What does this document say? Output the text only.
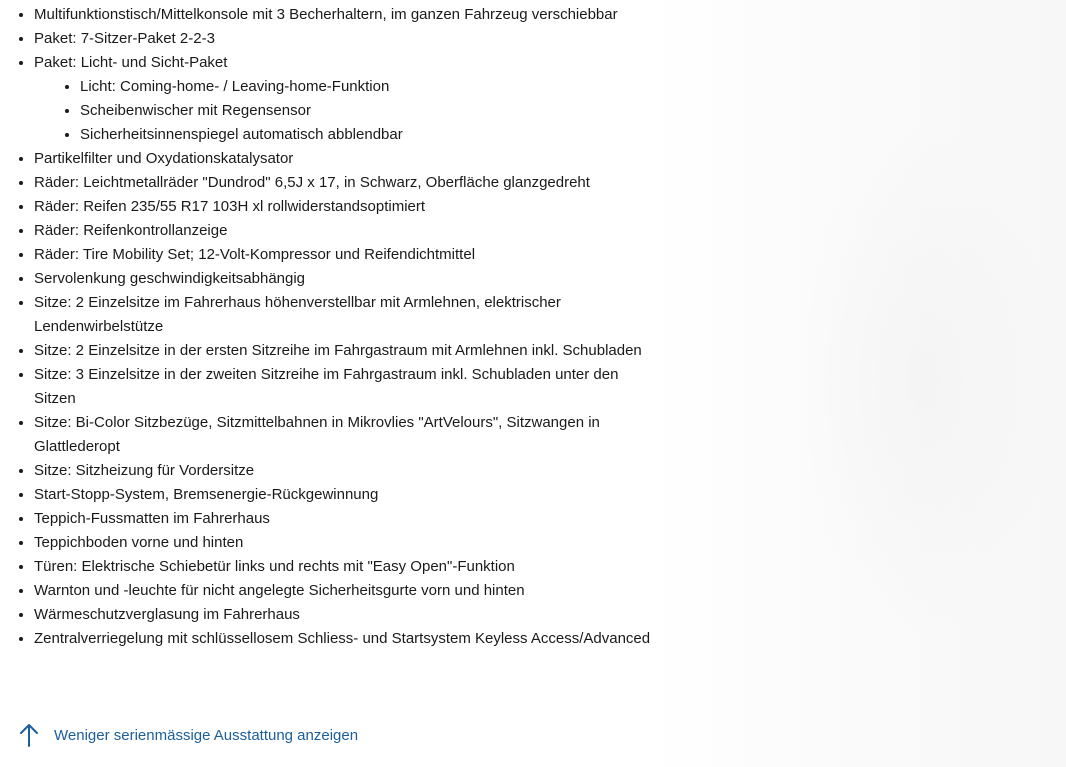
• Multifunktionstisch/Mittelkonsole mit 3 Becherhaltern, im ganzen Fahrzeug verschiebbar
• Paket: 7-Sitzer-Paket 2-2-3
• Paket: Licht- und Sicht-Paket
• Licht: Coming-home- / Leaving-home-Funktion
• Scheibenwischer mit Regensensor
• Sicherheitsinnenspiegel automatisch abblendbar
• Partikelfilter und Oxydationskatalysator
• Räder: Leichtmetallräder "Dundrod" 6,5J x 17, in Schwarz, Oberfläche glanzgedreht
• Räder: Reifen 235/55 R17 103H xl rollwiderstandsoptimiert
• Räder: Reifenkontrollanzeige
• Räder: Tire Mobility Set; 12-Volt-Kompressor und Reifendichtmittel
• Servolenkung geschwindigkeitsabhängig
• Sitze: 2 Einzelsitze im Fahrerhaus höhenverstellbar mit Armlehnen, elektrischer Lendenwirbelstütze
• Sitze: 2 Einzelsitze in der ersten Sitzreihe im Fahrgastraum mit Armlehnen inkl. Schubladen
• Sitze: 3 Einzelsitze in der zweiten Sitzreihe im Fahrgastraum inkl. Schubladen unter den Sitzen
• Sitze: Bi-Color Sitzbezüge, Sitzmittelbahnen in Mikrovlies "ArtVelours", Sitzwangen in Glattlederopt
• Sitze: Sitzheizung für Vordersitze
• Start-Stopp-System, Bremsenergie-Rückgewinnung
• Teppich-Fussmatten im Fahrerhaus
• Teppichboden vorne und hinten
• Türen: Elektrische Schiebetür links und rechts mit "Easy Open"-Funktion
• Warnton und -leuchte für nicht angelegte Sicherheitsgurte vorn und hinten
• Wärmeschutzverglasung im Fahrerhaus
• Zentralverriegelung mit schlüssellosem Schliess- und Startsystem Keyless Access/Advanced
Weniger serienmässige Ausstattung anzeigen
